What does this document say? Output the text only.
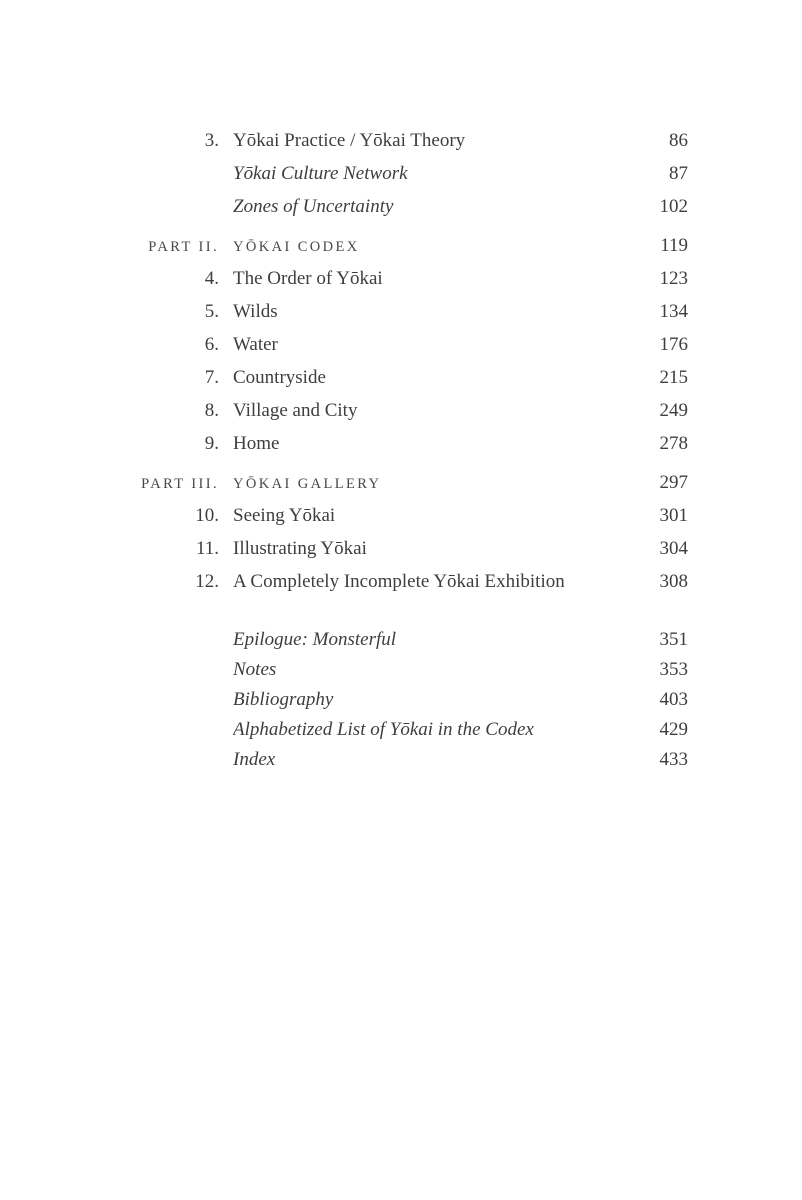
3. Yōkai Practice / Yōkai Theory	86
Yōkai Culture Network	87
Zones of Uncertainty	102
PART II. YŌKAI CODEX	119
4. The Order of Yōkai	123
5. Wilds	134
6. Water	176
7. Countryside	215
8. Village and City	249
9. Home	278
PART III. YŌKAI GALLERY	297
10. Seeing Yōkai	301
11. Illustrating Yōkai	304
12. A Completely Incomplete Yōkai Exhibition	308
Epilogue: Monsterful	351
Notes	353
Bibliography	403
Alphabetized List of Yōkai in the Codex	429
Index	433
